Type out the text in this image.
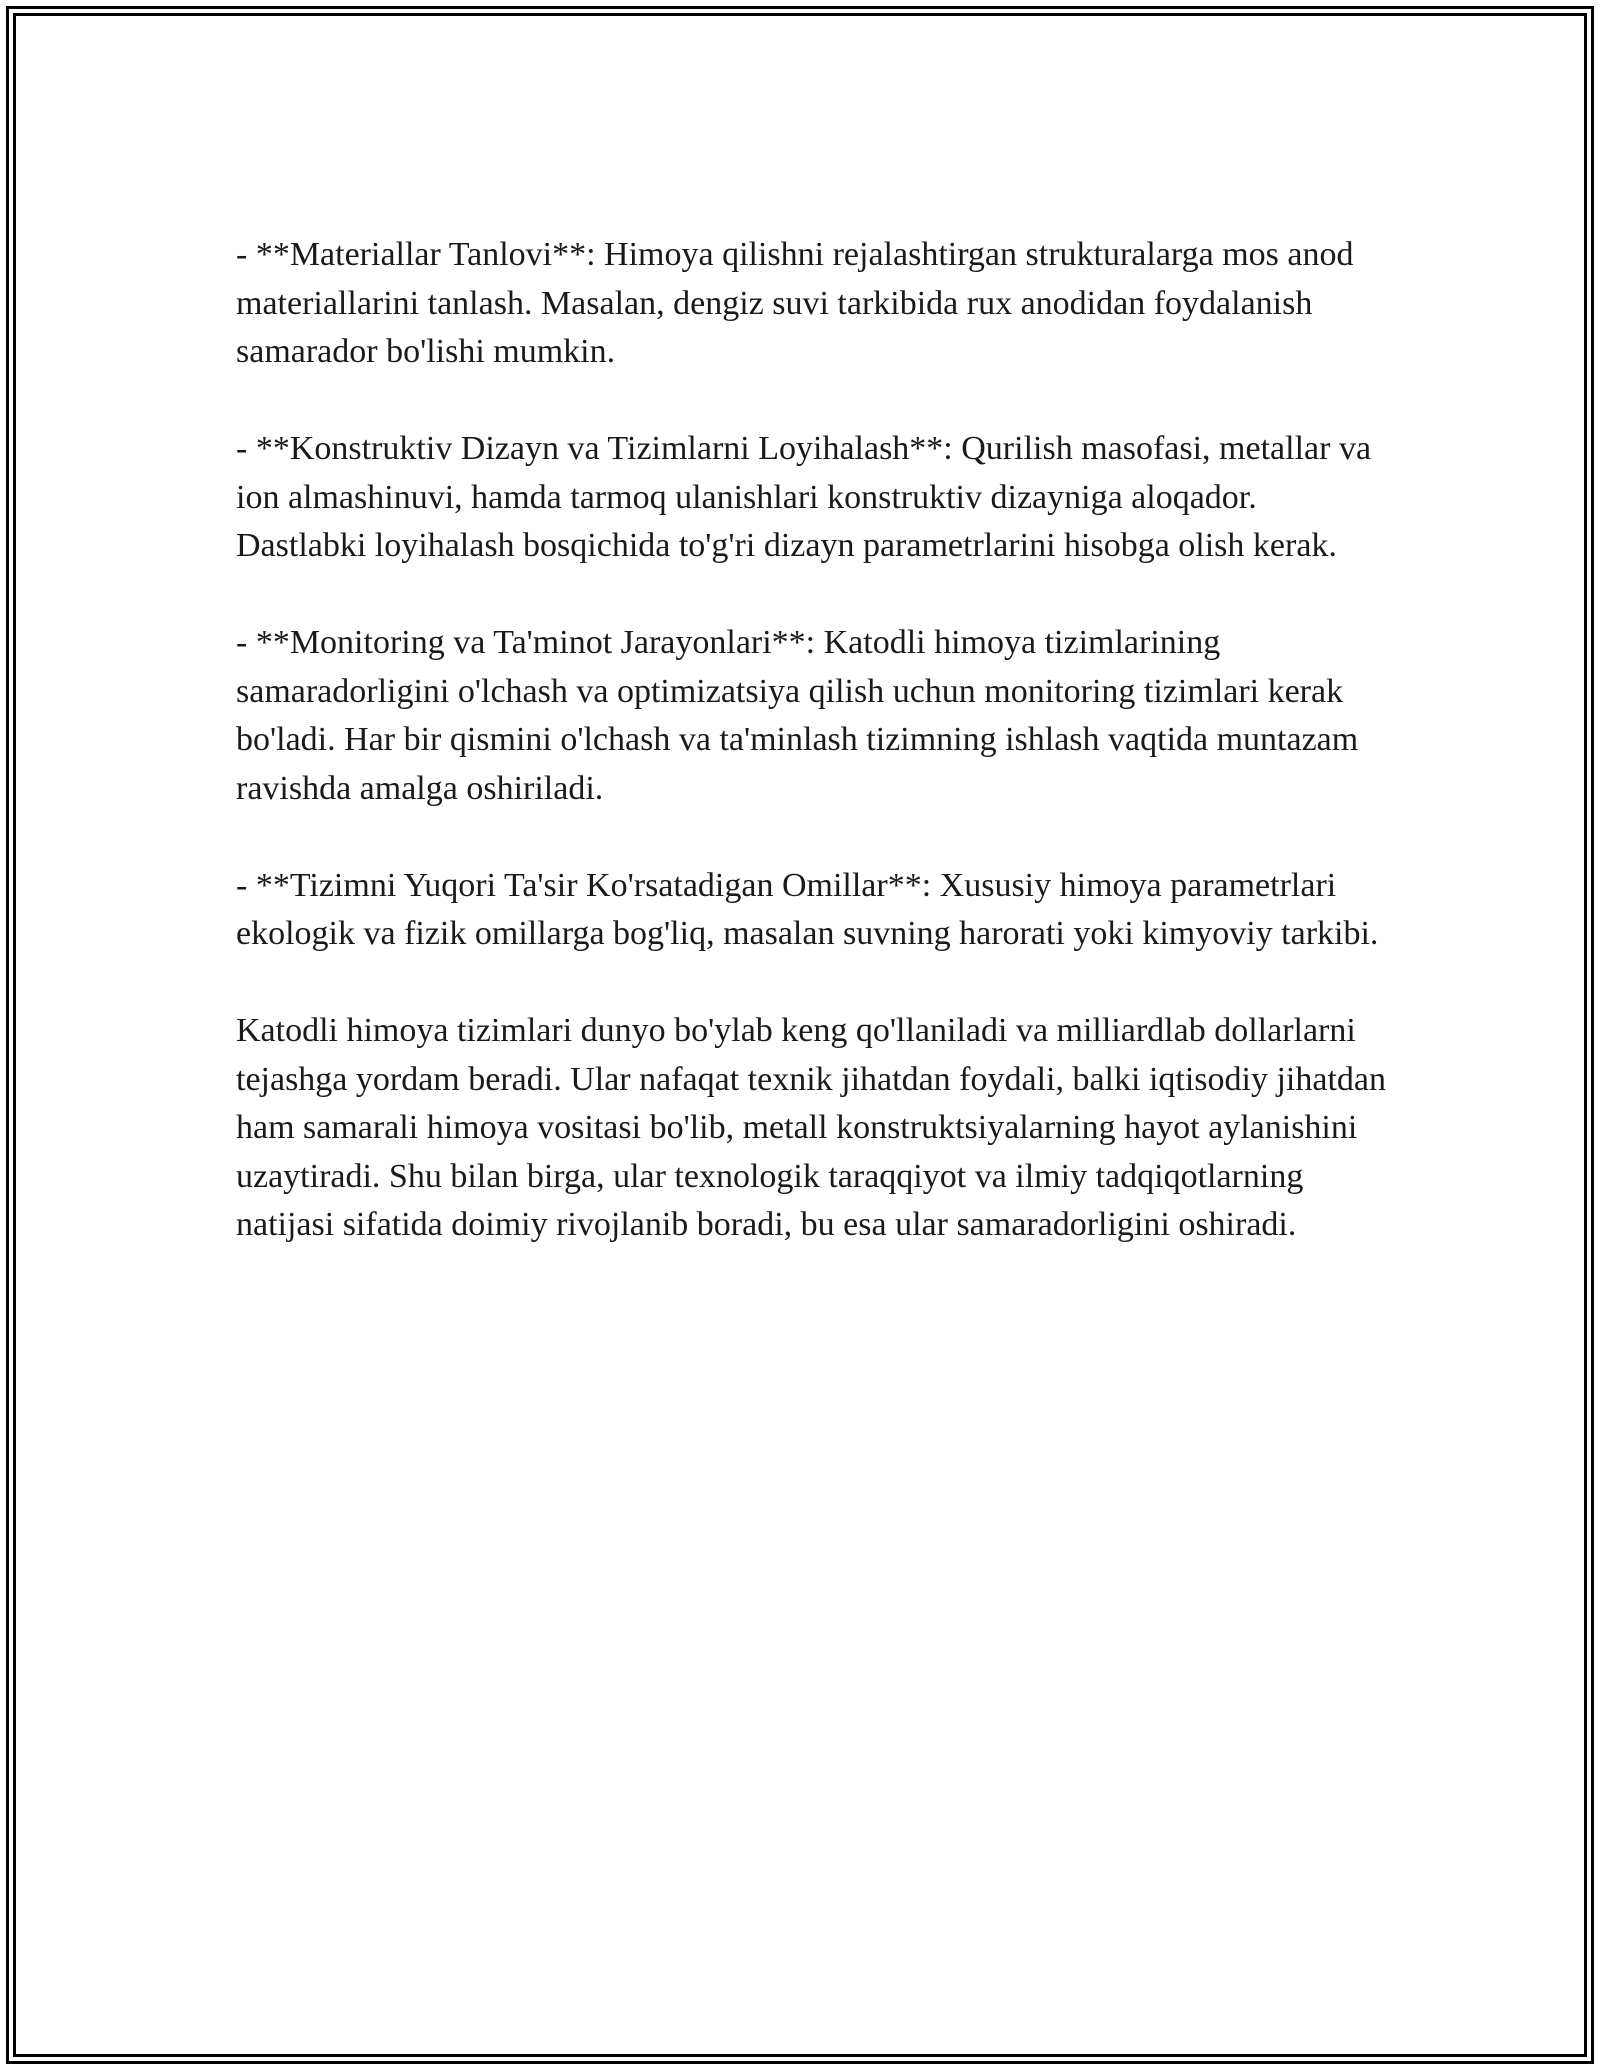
- **Materiallar Tanlovi**: Himoya qilishni rejalashtirgan strukturalarga mos anod materiallarini tanlash. Masalan, dengiz suvi tarkibida rux anodidan foydalanish samarador bo'lishi mumkin.

- **Konstruktiv Dizayn va Tizimlarni Loyihalash**: Qurilish masofasi, metallar va ion almashinuvi, hamda tarmoq ulanishlari konstruktiv dizayniga aloqador. Dastlabki loyihalash bosqichida to'g'ri dizayn parametrlarini hisobga olish kerak.

- **Monitoring va Ta'minot Jarayonlari**: Katodli himoya tizimlarining samaradorligini o'lchash va optimizatsiya qilish uchun monitoring tizimlari kerak bo'ladi. Har bir qismini o'lchash va ta'minlash tizimning ishlash vaqtida muntazam ravishda amalga oshiriladi.

- **Tizimni Yuqori Ta'sir Ko'rsatadigan Omillar**: Xususiy himoya parametrlari ekologik va fizik omillarga bog'liq, masalan suvning harorati yoki kimyoviy tarkibi.

Katodli himoya tizimlari dunyo bo'ylab keng qo'llaniladi va milliardlab dollarlarni tejashga yordam beradi. Ular nafaqat texnik jihatdan foydali, balki iqtisodiy jihatdan ham samarali himoya vositasi bo'lib, metall konstruktsiyalarning hayot aylanishini uzaytiradi. Shu bilan birga, ular texnologik taraqqiyot va ilmiy tadqiqotlarning natijasi sifatida doimiy rivojlanib boradi, bu esa ular samaradorligini oshiradi.
